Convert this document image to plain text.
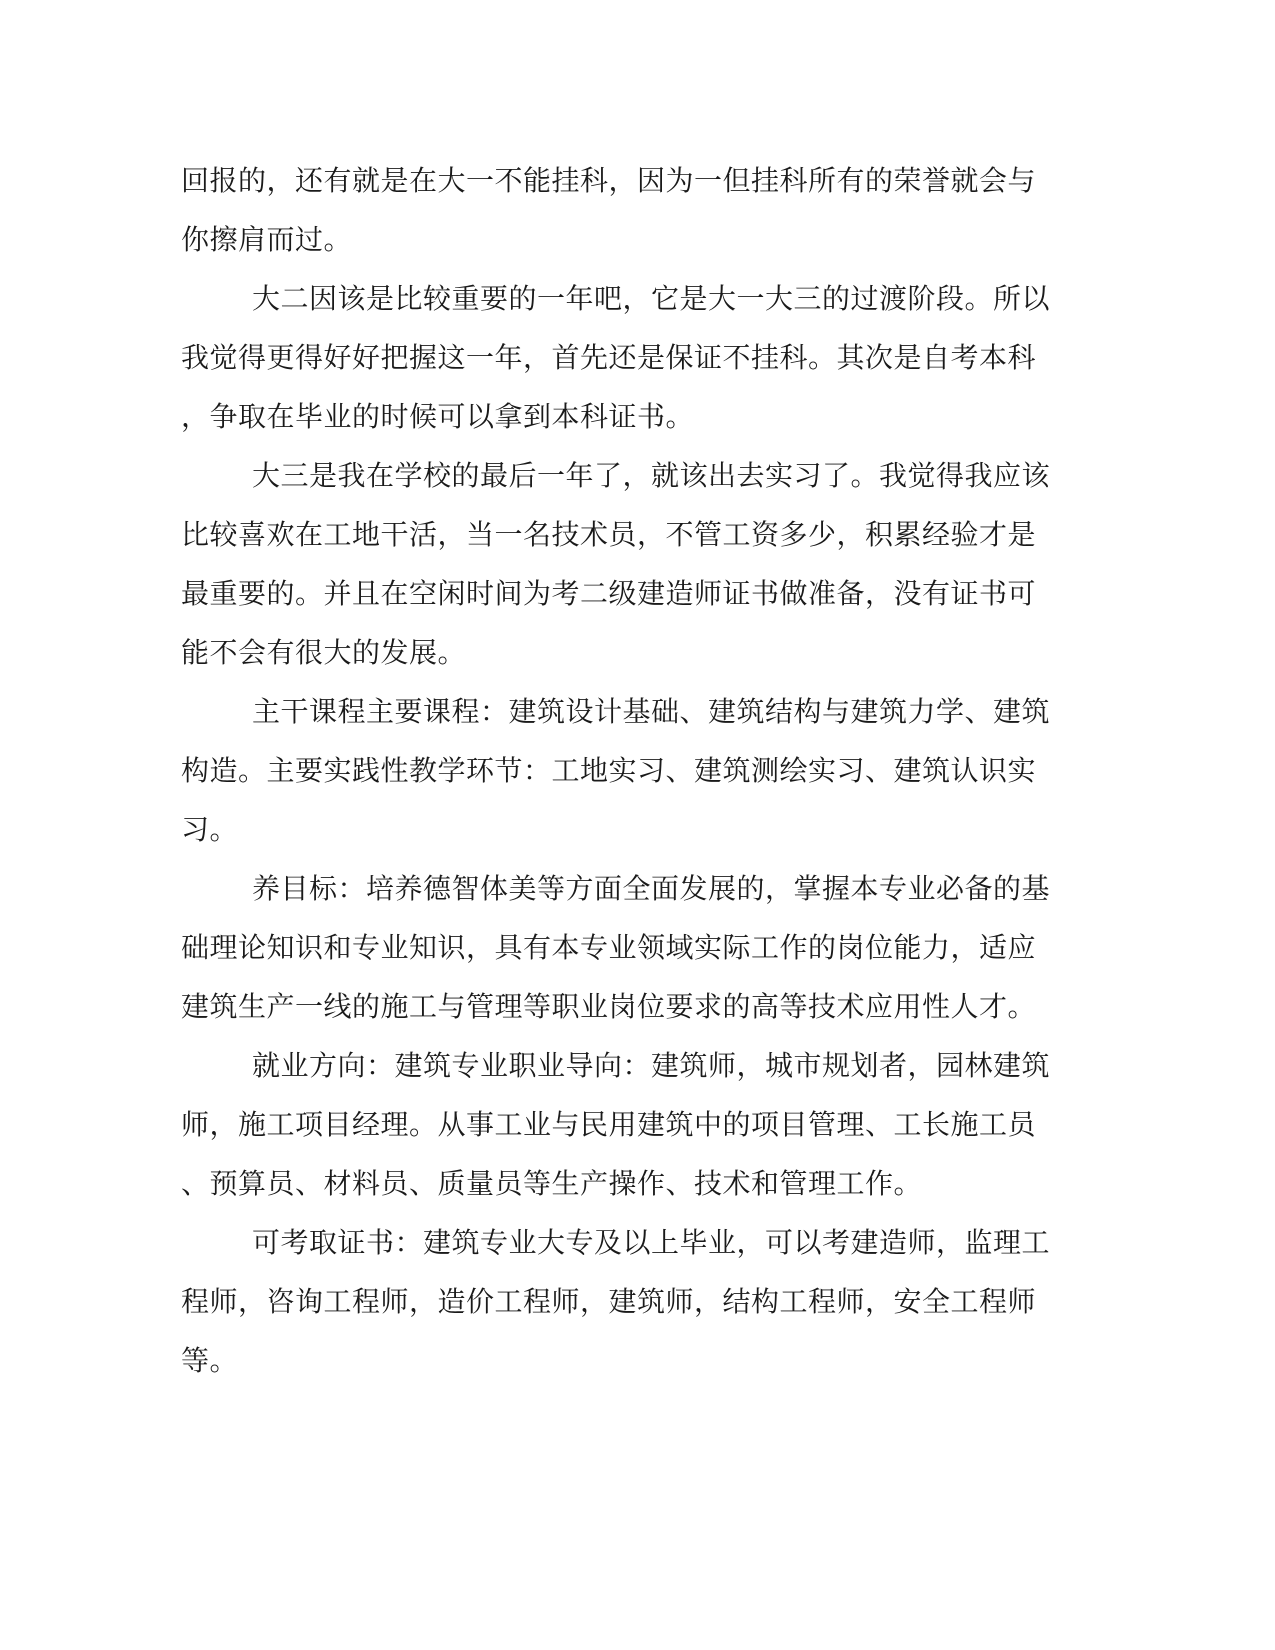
回报的，还有就是在大一不能挂科，因为一但挂科所有的荣誉就会与
你擦肩而过。
大二因该是比较重要的一年吧，它是大一大三的过渡阶段。所以
我觉得更得好好把握这一年，首先还是保证不挂科。其次是自考本科
，争取在毕业的时候可以拿到本科证书。
大三是我在学校的最后一年了，就该出去实习了。我觉得我应该
比较喜欢在工地干活，当一名技术员，不管工资多少，积累经验才是
最重要的。并且在空闲时间为考二级建造师证书做准备，没有证书可
能不会有很大的发展。
主干课程主要课程：建筑设计基础、建筑结构与建筑力学、建筑
构造。主要实践性教学环节：工地实习、建筑测绘实习、建筑认识实
习。
养目标：培养德智体美等方面全面发展的，掌握本专业必备的基
础理论知识和专业知识，具有本专业领域实际工作的岗位能力，适应
建筑生产一线的施工与管理等职业岗位要求的高等技术应用性人才。
就业方向：建筑专业职业导向：建筑师，城市规划者，园林建筑
师，施工项目经理。从事工业与民用建筑中的项目管理、工长施工员
、预算员、材料员、质量员等生产操作、技术和管理工作。
可考取证书：建筑专业大专及以上毕业，可以考建造师，监理工
程师，咨询工程师，造价工程师，建筑师，结构工程师，安全工程师
等。
